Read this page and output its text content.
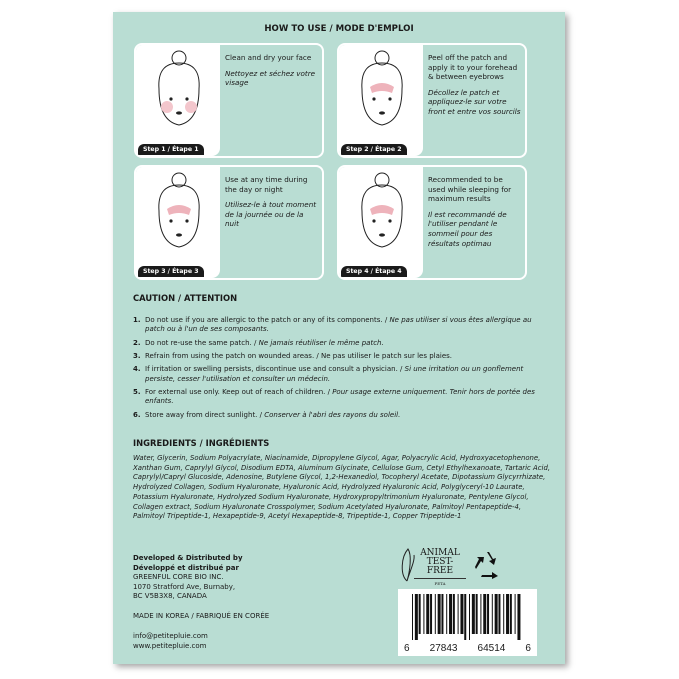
HOW TO USE / MODE D'EMPLOI
Step 1 / Étape 1
Clean and dry your face
Nettoyez et séchez votre visage
Step 2 / Étape 2
Peel off the patch and apply it to your forehead & between eyebrows
Décollez le patch et appliquez-le sur votre front et entre vos sourcils
Step 3 / Étape 3
Use at any time during the day or night
Utilisez-le à tout moment de la journée ou de la nuit
Step 4 / Étape 4
Recommended to be used while sleeping for maximum results
Il est recommandé de l'utiliser pendant le sommeil pour des résultats optimau
CAUTION / ATTENTION
1. Do not use if you are allergic to the patch or any of its components. / Ne pas utiliser si vous êtes allergique au patch ou à l'un de ses composants.
2. Do not re-use the same patch. / Ne jamais réutiliser le même patch.
3. Refrain from using the patch on wounded areas. / Ne pas utiliser le patch sur les plaies.
4. If irritation or swelling persists, discontinue use and consult a physician. / Si une irritation ou un gonflement persiste, cesser l'utilisation et consulter un médecin.
5. For external use only. Keep out of reach of children. / Pour usage externe uniquement. Tenir hors de portée des enfants.
6. Store away from direct sunlight. / Conserver à l'abri des rayons du soleil.
INGREDIENTS / INGRÉDIENTS
Water, Glycerin, Sodium Polyacrylate, Niacinamide, Dipropylene Glycol, Agar, Polyacrylic Acid, Hydroxyacetophenone, Xanthan Gum, Caprylyl Glycol, Disodium EDTA, Aluminum Glycinate, Cellulose Gum, Cetyl Ethylhexanoate, Tartaric Acid, Caprylyl/Capryl Glucoside, Adenosine, Butylene Glycol, 1,2-Hexanediol, Tocopheryl Acetate, Dipotassium Glycyrrhizate, Hydrolyzed Collagen, Sodium Hyaluronate, Hyaluronic Acid, Hydrolyzed Hyaluronic Acid, Polyglyceryl-10 Laurate, Potassium Hyaluronate, Hydrolyzed Sodium Hyaluronate, Hydroxypropyltrimonium Hyaluronate, Pentylene Glycol, Collagen extract, Sodium Hyaluronate Crosspolymer, Sodium Acetylated Hyaluronate, Palmitoyl Pentapeptide-4, Palmitoyl Tripeptide-1, Hexapeptide-9, Acetyl Hexapeptide-8, Tripeptide-1, Copper Tripeptide-1
Developed & Distributed by
Développé et distribué par
GREENFUL CORE BIO INC.
1070 Stratford Ave, Burnaby,
BC V5B3X8, CANADA
MADE IN KOREA / FABRIQUÉ EN CORÉE
info@petitepluie.com
www.petitepluie.com
ANIMAL TEST-FREE
PETA
6 27843 64514 6
